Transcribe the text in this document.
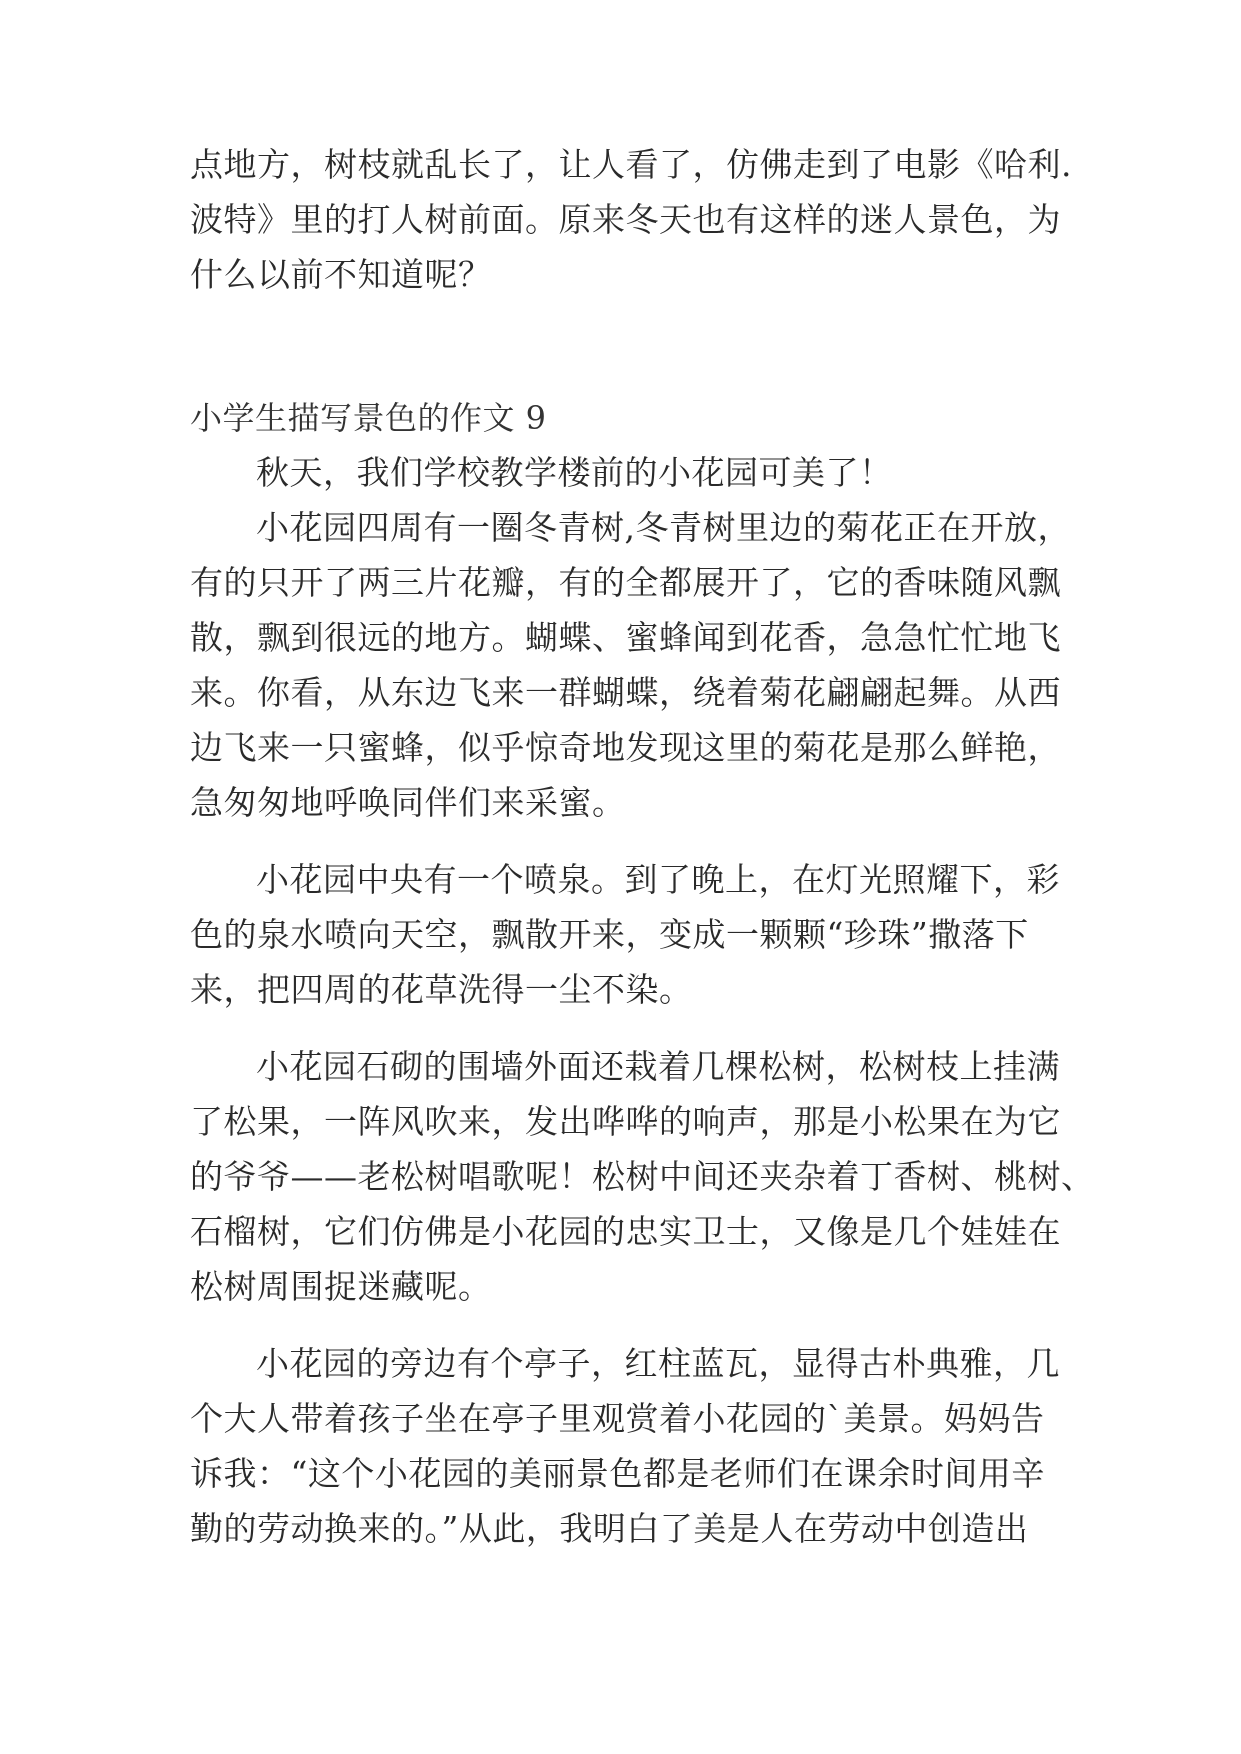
点地方，树枝就乱长了，让人看了，仿佛走到了电影《哈利.

波特》里的打人树前面。原来冬天也有这样的迷人景色，为

什么以前不知道呢？

小学生描写景色的作文 9

秋天，我们学校教学楼前的小花园可美了！

小花园四周有一圈冬青树,冬青树里边的菊花正在开放，

有的只开了两三片花瓣，有的全都展开了，它的香味随风飘

散，飘到很远的地方。蝴蝶、蜜蜂闻到花香，急急忙忙地飞

来。你看，从东边飞来一群蝴蝶，绕着菊花翩翩起舞。从西

边飞来一只蜜蜂，似乎惊奇地发现这里的菊花是那么鲜艳，

急匆匆地呼唤同伴们来采蜜。

小花园中央有一个喷泉。到了晚上，在灯光照耀下，彩

色的泉水喷向天空，飘散开来，变成一颗颗“珍珠”撒落下

来，把四周的花草洗得一尘不染。

小花园石砌的围墙外面还栽着几棵松树，松树枝上挂满

了松果，一阵风吹来，发出哗哗的响声，那是小松果在为它

的爷爷——老松树唱歌呢！松树中间还夹杂着丁香树、桃树、

石榴树，它们仿佛是小花园的忠实卫士，又像是几个娃娃在

松树周围捉迷藏呢。

小花园的旁边有个亭子，红柱蓝瓦，显得古朴典雅，几

个大人带着孩子坐在亭子里观赏着小花园的`美景。妈妈告

诉我：“这个小花园的美丽景色都是老师们在课余时间用辛

勤的劳动换来的。”从此，我明白了美是人在劳动中创造出
